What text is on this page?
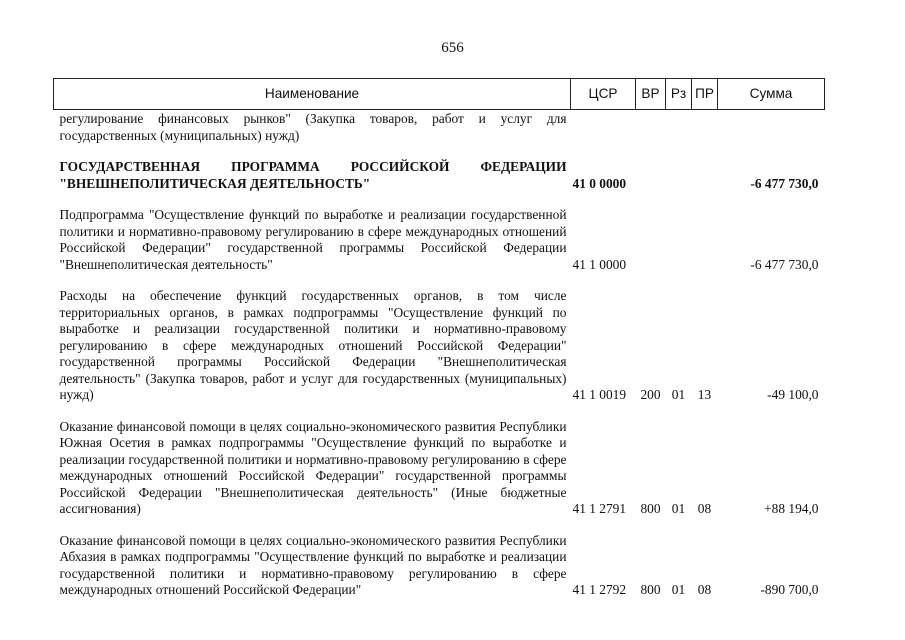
656
Наименование	ЦСР	ВР	Рз	ПР	Сумма
регулирование финансовых рынков" (Закупка товаров, работ и услуг для государственных (муниципальных) нужд)					

ГОСУДАРСТВЕННАЯ ПРОГРАММА РОССИЙСКОЙ ФЕДЕРАЦИИ "ВНЕШНЕПОЛИТИЧЕСКАЯ ДЕЯТЕЛЬНОСТЬ"	41 0 0000				-6 477 730,0

Подпрограмма "Осуществление функций по выработке и реализации государственной политики и нормативно-правовому регулированию в сфере международных отношений Российской Федерации" государственной программы Российской Федерации "Внешнеполитическая деятельность"	41 1 0000				-6 477 730,0

Расходы на обеспечение функций государственных органов, в том числе территориальных органов, в рамках подпрограммы "Осуществление функций по выработке и реализации государственной политики и нормативно-правовому регулированию в сфере международных отношений Российской Федерации" государственной программы Российской Федерации "Внешнеполитическая деятельность" (Закупка товаров, работ и услуг для государственных (муниципальных) нужд)	41 1 0019	200	01	13	-49 100,0

Оказание финансовой помощи в целях социально-экономического развития Республики Южная Осетия в рамках подпрограммы "Осуществление функций по выработке и реализации государственной политики и нормативно-правовому регулированию в сфере международных отношений Российской Федерации" государственной программы Российской Федерации "Внешнеполитическая деятельность" (Иные бюджетные ассигнования)	41 1 2791	800	01	08	+88 194,0

Оказание финансовой помощи в целях социально-экономического развития Республики Абхазия в рамках подпрограммы "Осуществление функций по выработке и реализации государственной политики и нормативно-правовому регулированию в сфере международных отношений Российской Федерации"	41 1 2792	800	01	08	-890 700,0
